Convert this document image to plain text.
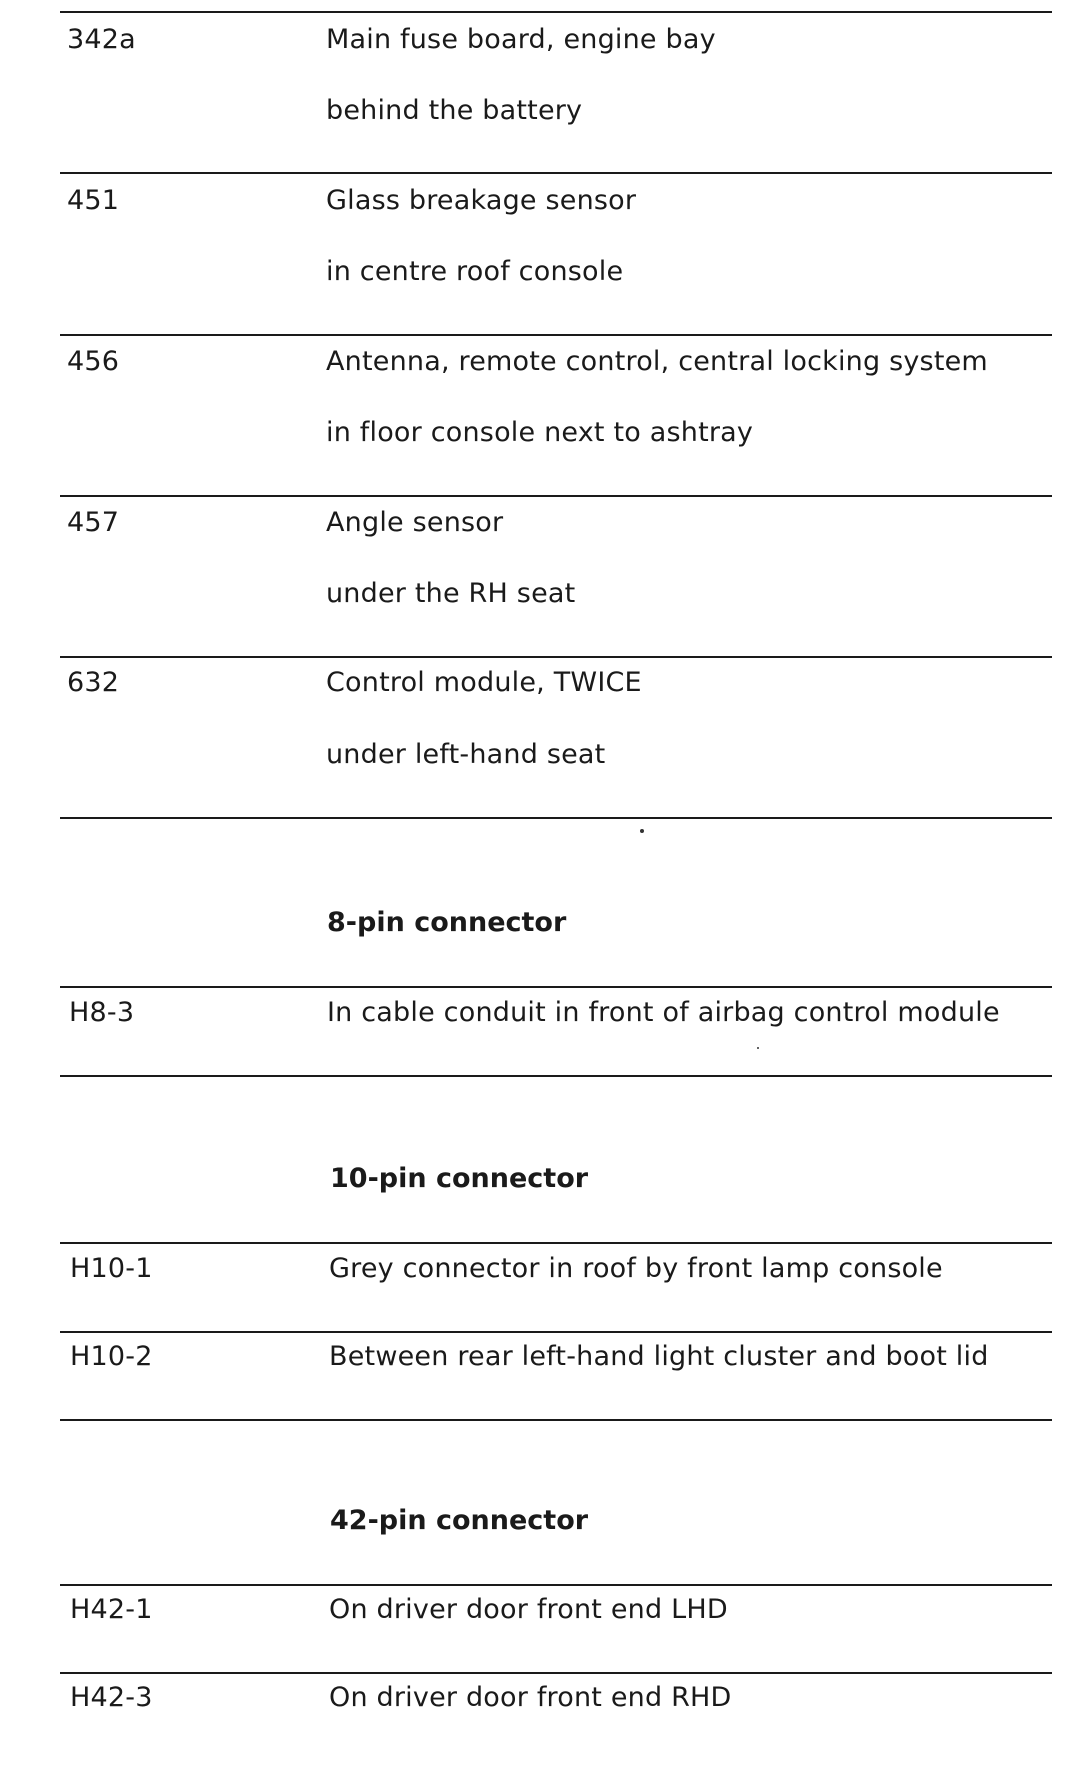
342a	Main fuse board, engine bay
behind the battery
451	Glass breakage sensor
in centre roof console
456	Antenna, remote control, central locking system
in floor console next to ashtray
457	Angle sensor
under the RH seat
632	Control module, TWICE
under left-hand seat
8-pin connector
H8-3	In cable conduit in front of airbag control module
10-pin connector
H10-1	Grey connector in roof by front lamp console
H10-2	Between rear left-hand light cluster and boot lid
42-pin connector
H42-1	On driver door front end LHD
H42-3	On driver door front end RHD
